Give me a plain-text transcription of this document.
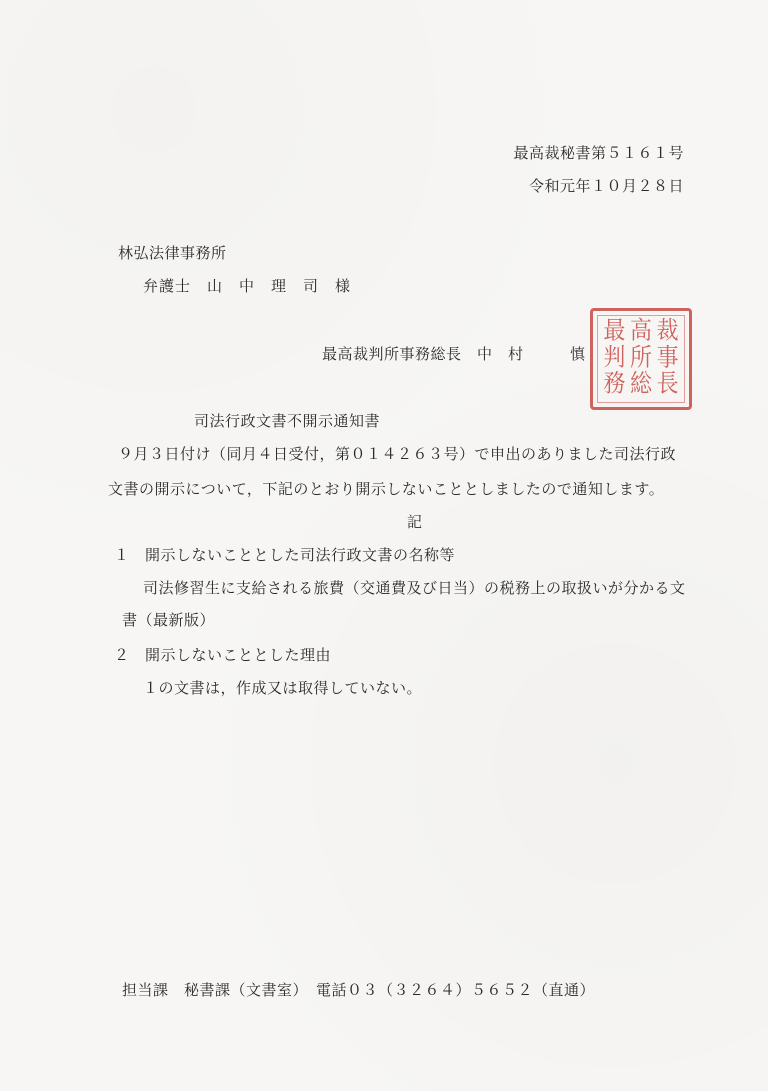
最高裁秘書第５１６１号
令和元年１０月２８日
林弘法律事務所
弁護士　山　中　理　司　様
最高裁判所事務総長　中　村　　　慎
最 高 裁
判 所 事
務 総 長
司法行政文書不開示通知書
９月３日付け（同月４日受付，第０１４２６３号）で申出のありました司法行政
文書の開示について，下記のとおり開示しないこととしましたので通知します。
記
１　開示しないこととした司法行政文書の名称等
司法修習生に支給される旅費（交通費及び日当）の税務上の取扱いが分かる文
書（最新版）
２　開示しないこととした理由
１の文書は，作成又は取得していない。
担当課　秘書課（文書室）　電話０３（３２６４）５６５２（直通）
